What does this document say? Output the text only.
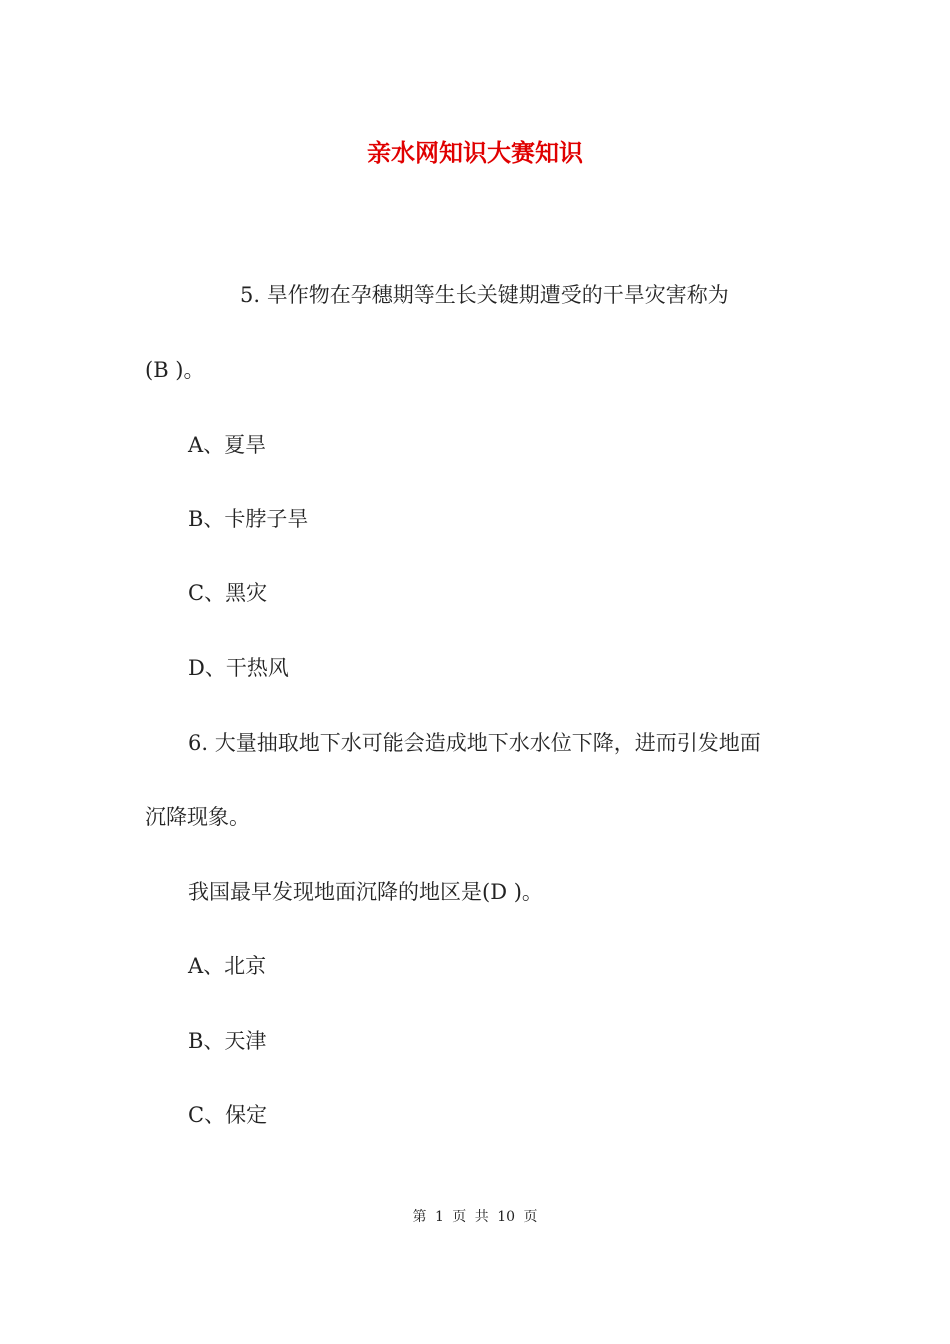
亲水网知识大赛知识
5. 旱作物在孕穗期等生长关键期遭受的干旱灾害称为
(B )。
A、夏旱
B、卡脖子旱
C、黑灾
D、干热风
6. 大量抽取地下水可能会造成地下水水位下降，进而引发地面
沉降现象。
我国最早发现地面沉降的地区是(D )。
A、北京
B、天津
C、保定
第 1 页 共 10 页
